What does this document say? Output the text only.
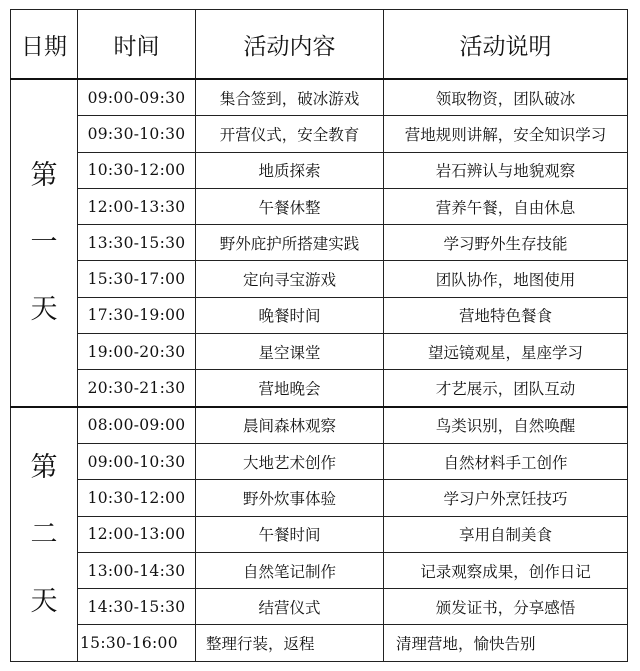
日期	时间	活动内容	活动说明

第
一
天	09:00-09:30	集合签到，破冰游戏	领取物资，团队破冰
	09:30-10:30	开营仪式，安全教育	营地规则讲解，安全知识学习
	10:30-12:00	地质探索	岩石辨认与地貌观察
	12:00-13:30	午餐休整	营养午餐，自由休息
	13:30-15:30	野外庇护所搭建实践	学习野外生存技能
	15:30-17:00	定向寻宝游戏	团队协作，地图使用
	17:30-19:00	晚餐时间	营地特色餐食
	19:00-20:30	星空课堂	望远镜观星，星座学习
	20:30-21:30	营地晚会	才艺展示，团队互动

第
二
天	08:00-09:00	晨间森林观察	鸟类识别，自然唤醒
	09:00-10:30	大地艺术创作	自然材料手工创作
	10:30-12:00	野外炊事体验	学习户外烹饪技巧
	12:00-13:00	午餐时间	享用自制美食
	13:00-14:30	自然笔记制作	记录观察成果，创作日记
	14:30-15:30	结营仪式	颁发证书，分享感悟
	15:30-16:00	整理行装，返程	清理营地，愉快告别
